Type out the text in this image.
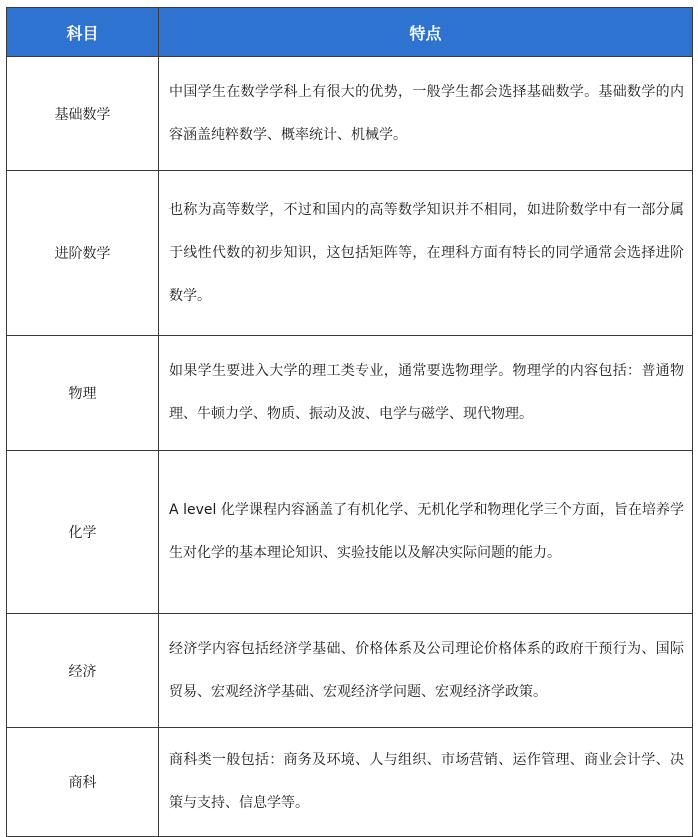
科目	特点
基础数学	中国学生在数学学科上有很大的优势，一般学生都会选择基础数学。基础数学的内容涵盖纯粹数学、概率统计、机械学。

进阶数学	也称为高等数学，不过和国内的高等数学知识并不相同，如进阶数学中有一部分属于线性代数的初步知识，这包括矩阵等，在理科方面有特长的同学通常会选择进阶数学。

物理	如果学生要进入大学的理工类专业，通常要选物理学。物理学的内容包括：普通物理、牛顿力学、物质、振动及波、电学与磁学、现代物理。

化学	A level 化学课程内容涵盖了有机化学、无机化学和物理化学三个方面，旨在培养学生对化学的基本理论知识、实验技能以及解决实际问题的能力。

经济	经济学内容包括经济学基础、价格体系及公司理论价格体系的政府干预行为、国际贸易、宏观经济学基础、宏观经济学问题、宏观经济学政策。

商科	商科类一般包括：商务及环境、人与组织、市场营销、运作管理、商业会计学、决策与支持、信息学等。
